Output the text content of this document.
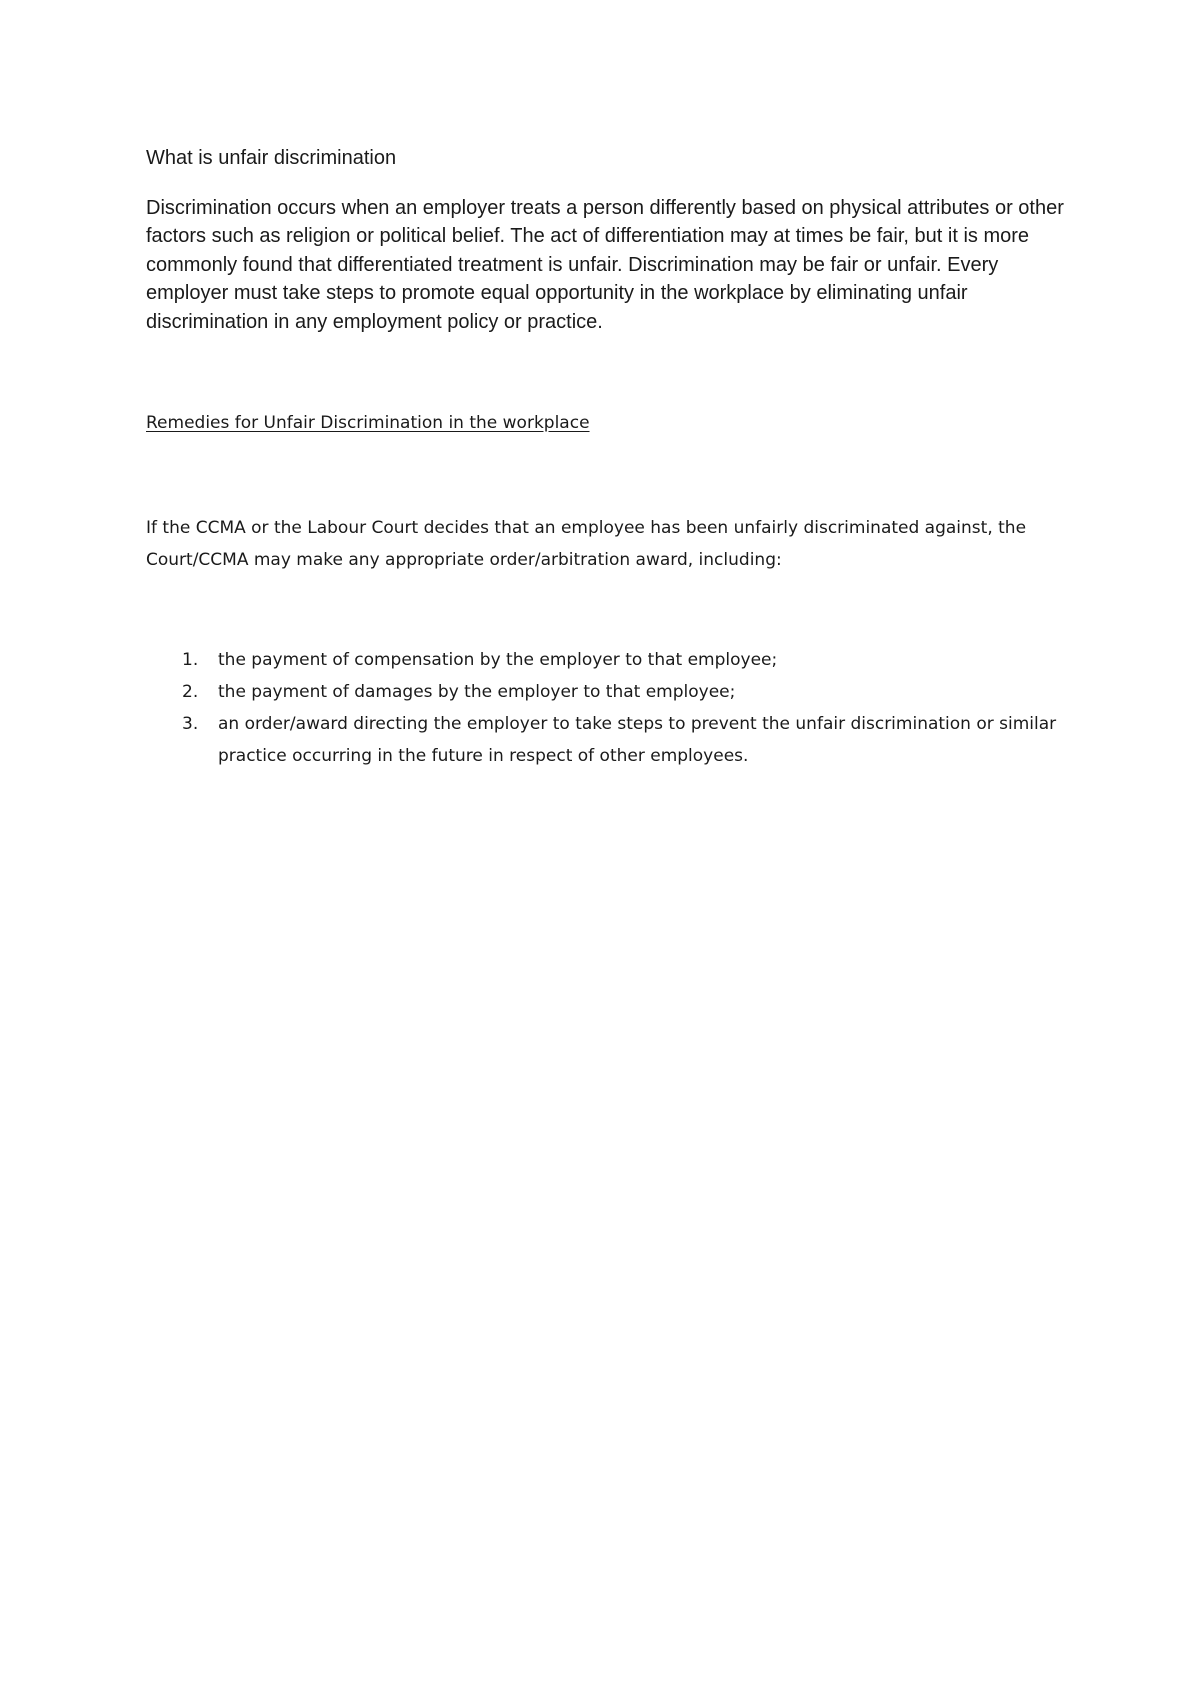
What is unfair discrimination

Discrimination occurs when an employer treats a person differently based on physical attributes or other factors such as religion or political belief. The act of differentiation may at times be fair, but it is more commonly found that differentiated treatment is unfair. Discrimination may be fair or unfair. Every employer must take steps to promote equal opportunity in the workplace by eliminating unfair discrimination in any employment policy or practice.

Remedies for Unfair Discrimination in the workplace

If the CCMA or the Labour Court decides that an employee has been unfairly discriminated against, the Court/CCMA may make any appropriate order/arbitration award, including:

1. the payment of compensation by the employer to that employee;
2. the payment of damages by the employer to that employee;
3. an order/award directing the employer to take steps to prevent the unfair discrimination or similar practice occurring in the future in respect of other employees.
